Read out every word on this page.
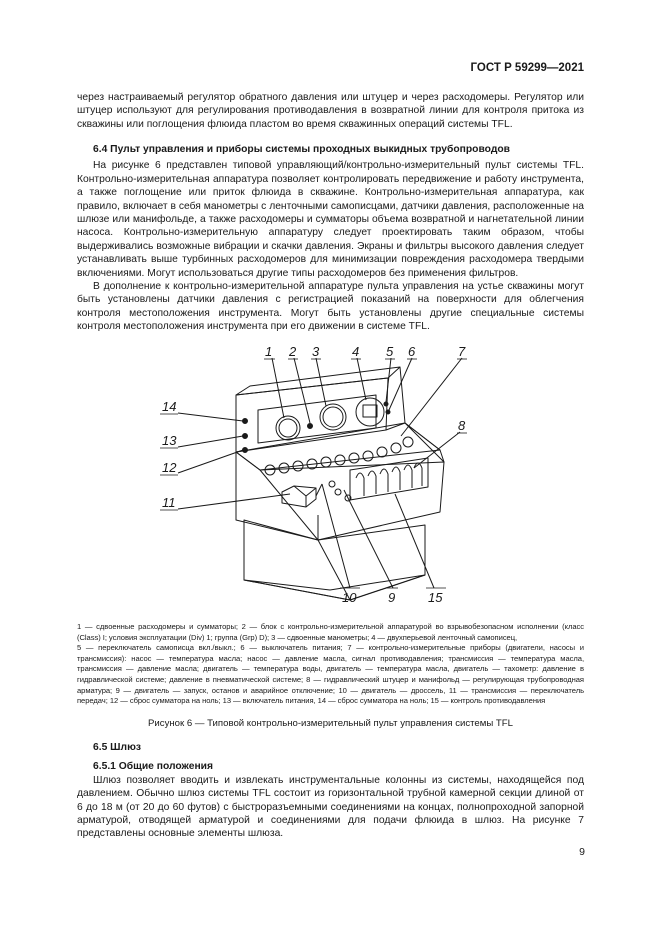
ГОСТ Р 59299—2021

через настраиваемый регулятор обратного давления или штуцер и через расходомеры. Регулятор или штуцер используют для регулирования противодавления в возвратной линии для контроля притока из скважины или поглощения флюида пластом во время скважинных операций системы TFL.

6.4 Пульт управления и приборы системы проходных выкидных трубопроводов

На рисунке 6 представлен типовой управляющий/контрольно-измерительный пульт системы TFL. Контрольно-измерительная аппаратура позволяет контролировать передвижение и работу инструмента, а также поглощение или приток флюида в скважине. Контрольно-измерительная аппаратура, как правило, включает в себя манометры с ленточными самописцами, датчики давления, расположенные на шлюзе или манифольде, а также расходомеры и сумматоры объема возвратной и нагнетательной линии насоса. Контрольно-измерительную аппаратуру следует проектировать таким образом, чтобы выдерживались возможные вибрации и скачки давления. Экраны и фильтры высокого давления следует устанавливать выше турбинных расходомеров для минимизации повреждения расходомера твердыми включениями. Могут использоваться другие типы расходомеров без применения фильтров.

В дополнение к контрольно-измерительной аппаратуре пульта управления на устье скважины могут быть установлены датчики давления с регистрацией показаний на поверхности для облегчения контроля местоположения инструмента. Могут быть установлены другие специальные системы контроля местоположения инструмента при его движении в системе TFL.

1 2 3	4 5 6	7
8
9
10
11
12
13
14
15

1 — сдвоенные расходомеры и сумматоры; 2 — блок с контрольно-измерительной аппаратурой во взрывобезопасном исполнении (класс (Class) I; условия эксплуатации (Div) 1; группа (Grp) D); 3 — сдвоенные манометры; 4 — двухперьевой ленточный самописец,

5 — переключатель самописца вкл./выкл.; 6 — выключатель питания; 7 — контрольно-измерительные приборы (двигатели, насосы и трансмиссия): насос — температура масла; насос — давление масла, сигнал противодавления; трансмиссия — температура масла, трансмиссия — давление масла; двигатель — температура воды, двигатель — температура масла, двигатель — тахометр: давление в гидравлической системе; давление в пневматической системе; 8 — гидравлический штуцер и манифольд — регулирующая трубопроводная арматура; 9 — двигатель — запуск, останов и аварийное отключение; 10 — двигатель — дроссель, 11 — трансмиссия — переключатель передач; 12 — сброс сумматора на ноль; 13 — включатель питания, 14 — сброс сумматора на ноль; 15 — контроль противодавления

Рисунок 6 — Типовой контрольно-измерительный пульт управления системы TFL

6.5 Шлюз

6.5.1 Общие положения

Шлюз позволяет вводить и извлекать инструментальные колонны из системы, находящейся под давлением. Обычно шлюз системы TFL состоит из горизонтальной трубной камерной секции длиной от 6 до 18 м (от 20 до 60 футов) с быстроразъемными соединениями на концах, полнопроходной запорной арматурой, отводящей арматурой и соединениями для подачи флюида в шлюз. На рисунке 7 представлены основные элементы шлюза.

9
